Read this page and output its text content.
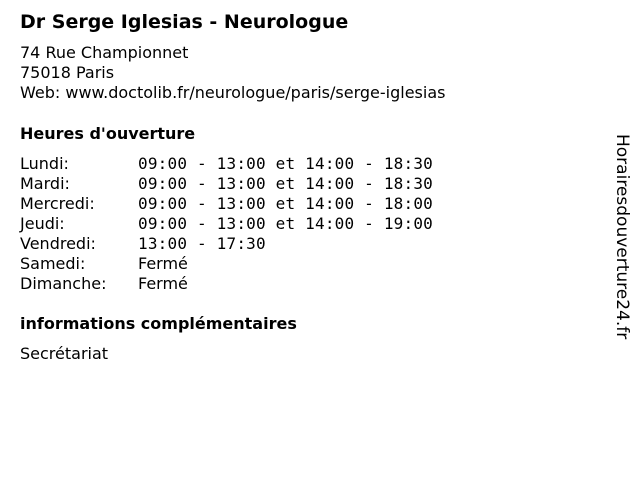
Dr Serge Iglesias - Neurologue
74 Rue Championnet
75018 Paris
Web: www.doctolib.fr/neurologue/paris/serge-iglesias
Heures d'ouverture
Lundi:	09:00 - 13:00 et 14:00 - 18:30
Mardi:	09:00 - 13:00 et 14:00 - 18:30
Mercredi:	09:00 - 13:00 et 14:00 - 18:00
Jeudi:	09:00 - 13:00 et 14:00 - 19:00
Vendredi:	13:00 - 17:30
Samedi:	Fermé
Dimanche: Fermé
informations complémentaires
Secrétariat
Horairesdouverture24.fr
